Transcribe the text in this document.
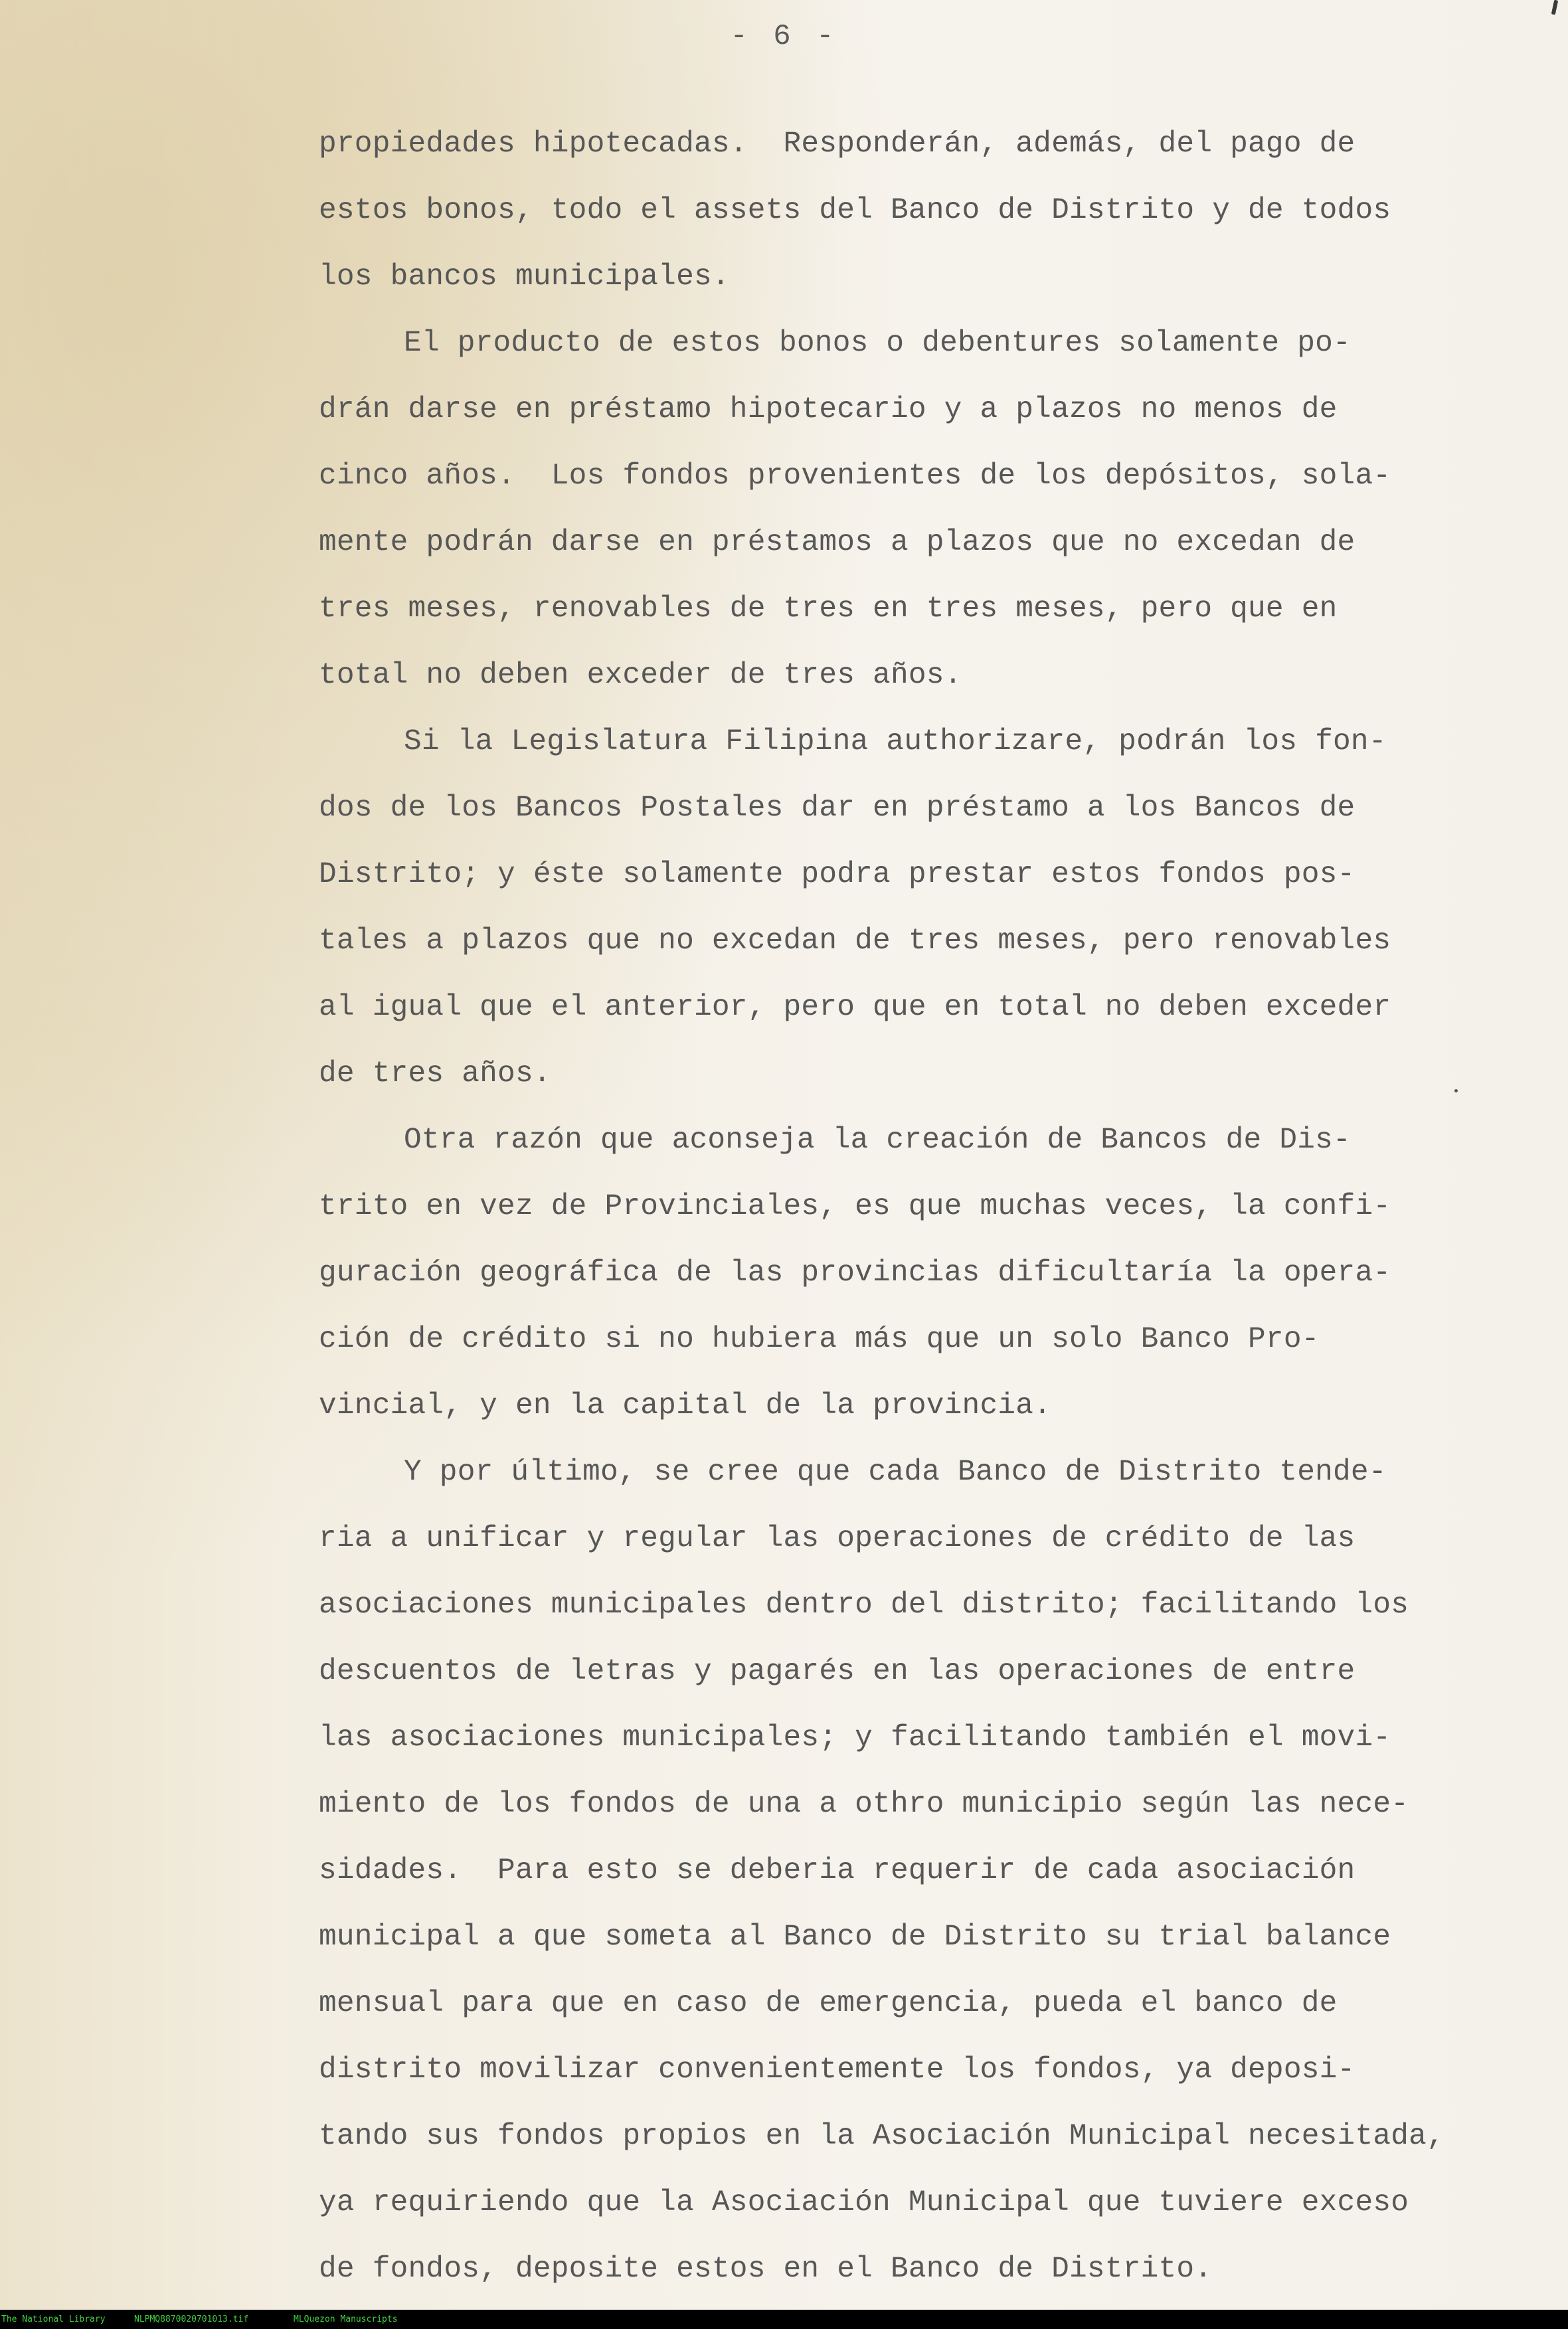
- 6 -
propiedades hipotecadas.  Responderán, además, del pago de
estos bonos, todo el assets del Banco de Distrito y de todos
los bancos municipales.
El producto de estos bonos o debentures solamente po-
drán darse en préstamo hipotecario y a plazos no menos de
cinco años.  Los fondos provenientes de los depósitos, sola-
mente podrán darse en préstamos a plazos que no excedan de
tres meses, renovables de tres en tres meses, pero que en
total no deben exceder de tres años.
Si la Legislatura Filipina authorizare, podrán los fon-
dos de los Bancos Postales dar en préstamo a los Bancos de
Distrito; y éste solamente podra prestar estos fondos pos-
tales a plazos que no excedan de tres meses, pero renovables
al igual que el anterior, pero que en total no deben exceder
de tres años.
Otra razón que aconseja la creación de Bancos de Dis-
trito en vez de Provinciales, es que muchas veces, la confi-
guración geográfica de las provincias dificultaría la opera-
ción de crédito si no hubiera más que un solo Banco Pro-
vincial, y en la capital de la provincia.
Y por último, se cree que cada Banco de Distrito tende-
ria a unificar y regular las operaciones de crédito de las
asociaciones municipales dentro del distrito; facilitando los
descuentos de letras y pagarés en las operaciones de entre
las asociaciones municipales; y facilitando también el movi-
miento de los fondos de una a othro municipio según las nece-
sidades.  Para esto se deberia requerir de cada asociación
municipal a que someta al Banco de Distrito su trial balance
mensual para que en caso de emergencia, pueda el banco de
distrito movilizar convenientemente los fondos, ya deposi-
tando sus fondos propios en la Asociación Municipal necesitada,
ya requiriendo que la Asociación Municipal que tuviere exceso
de fondos, deposite estos en el Banco de Distrito.
The National Library	NLPMQ8870020701013.tif	MLQuezon Manuscripts
